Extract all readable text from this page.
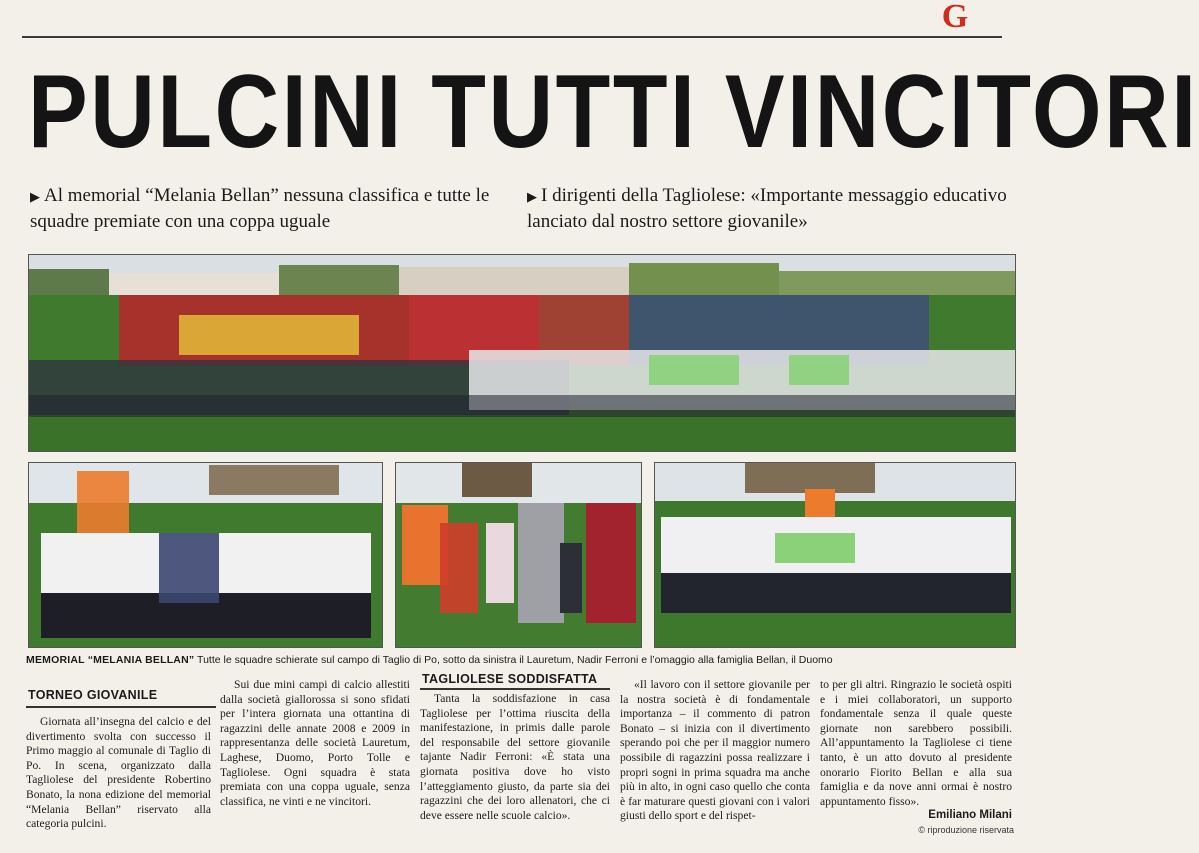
G
PULCINI TUTTI VINCITORI
▶ Al memorial “Melania Bellan” nessuna classifica e tutte le squadre premiate con una coppa uguale
▶ I dirigenti della Tagliolese: «Importante messaggio educativo lanciato dal nostro settore giovanile»
MEMORIAL “MELANIA BELLAN” Tutte le squadre schierate sul campo di Taglio di Po, sotto da sinistra il Lauretum, Nadir Ferroni e l’omaggio alla famiglia Bellan, il Duomo
TORNEO GIOVANILE

Giornata all’insegna del calcio e del divertimento svolta con successo il Primo maggio al comunale di Taglio di Po. In scena, organizzato dalla Tagliolese del presidente Robertino Bonato, la nona edizione del memorial “Melania Bellan” riservato alla categoria pulcini.

Sui due mini campi di calcio allestiti dalla società giallorossa si sono sfidati per l’intera giornata una ottantina di ragazzini delle annate 2008 e 2009 in rappresentanza delle società Lauretum, Laghese, Duomo, Porto Tolle e Tagliolese. Ogni squadra è stata premiata con una coppa uguale, senza classifica, ne vinti e ne vincitori.

TAGLIOLESE SODDISFATTA

Tanta la soddisfazione in casa Tagliolese per l’ottima riuscita della manifestazione, in primis dalle parole del responsabile del settore giovanile tajante Nadir Ferroni: «È stata una giornata positiva dove ho visto l’atteggiamento giusto, da parte sia dei ragazzini che dei loro allenatori, che ci deve essere nelle scuole calcio».

«Il lavoro con il settore giovanile per la nostra società è di fondamentale importanza – il commento di patron Bonato – si inizia con il divertimento sperando poi che per il maggior numero possibile di ragazzini possa realizzare i propri sogni in prima squadra ma anche più in alto, in ogni caso quello che conta è far maturare questi giovani con i valori giusti dello sport e del rispet-

to per gli altri. Ringrazio le società ospiti e i miei collaboratori, un supporto fondamentale senza il quale queste giornate non sarebbero possibili. All’appuntamento la Tagliolese ci tiene tanto, è un atto dovuto al presidente onorario Fiorito Bellan e alla sua famiglia e da nove anni ormai è nostro appuntamento fisso».

Emiliano Milani
© riproduzione riservata
